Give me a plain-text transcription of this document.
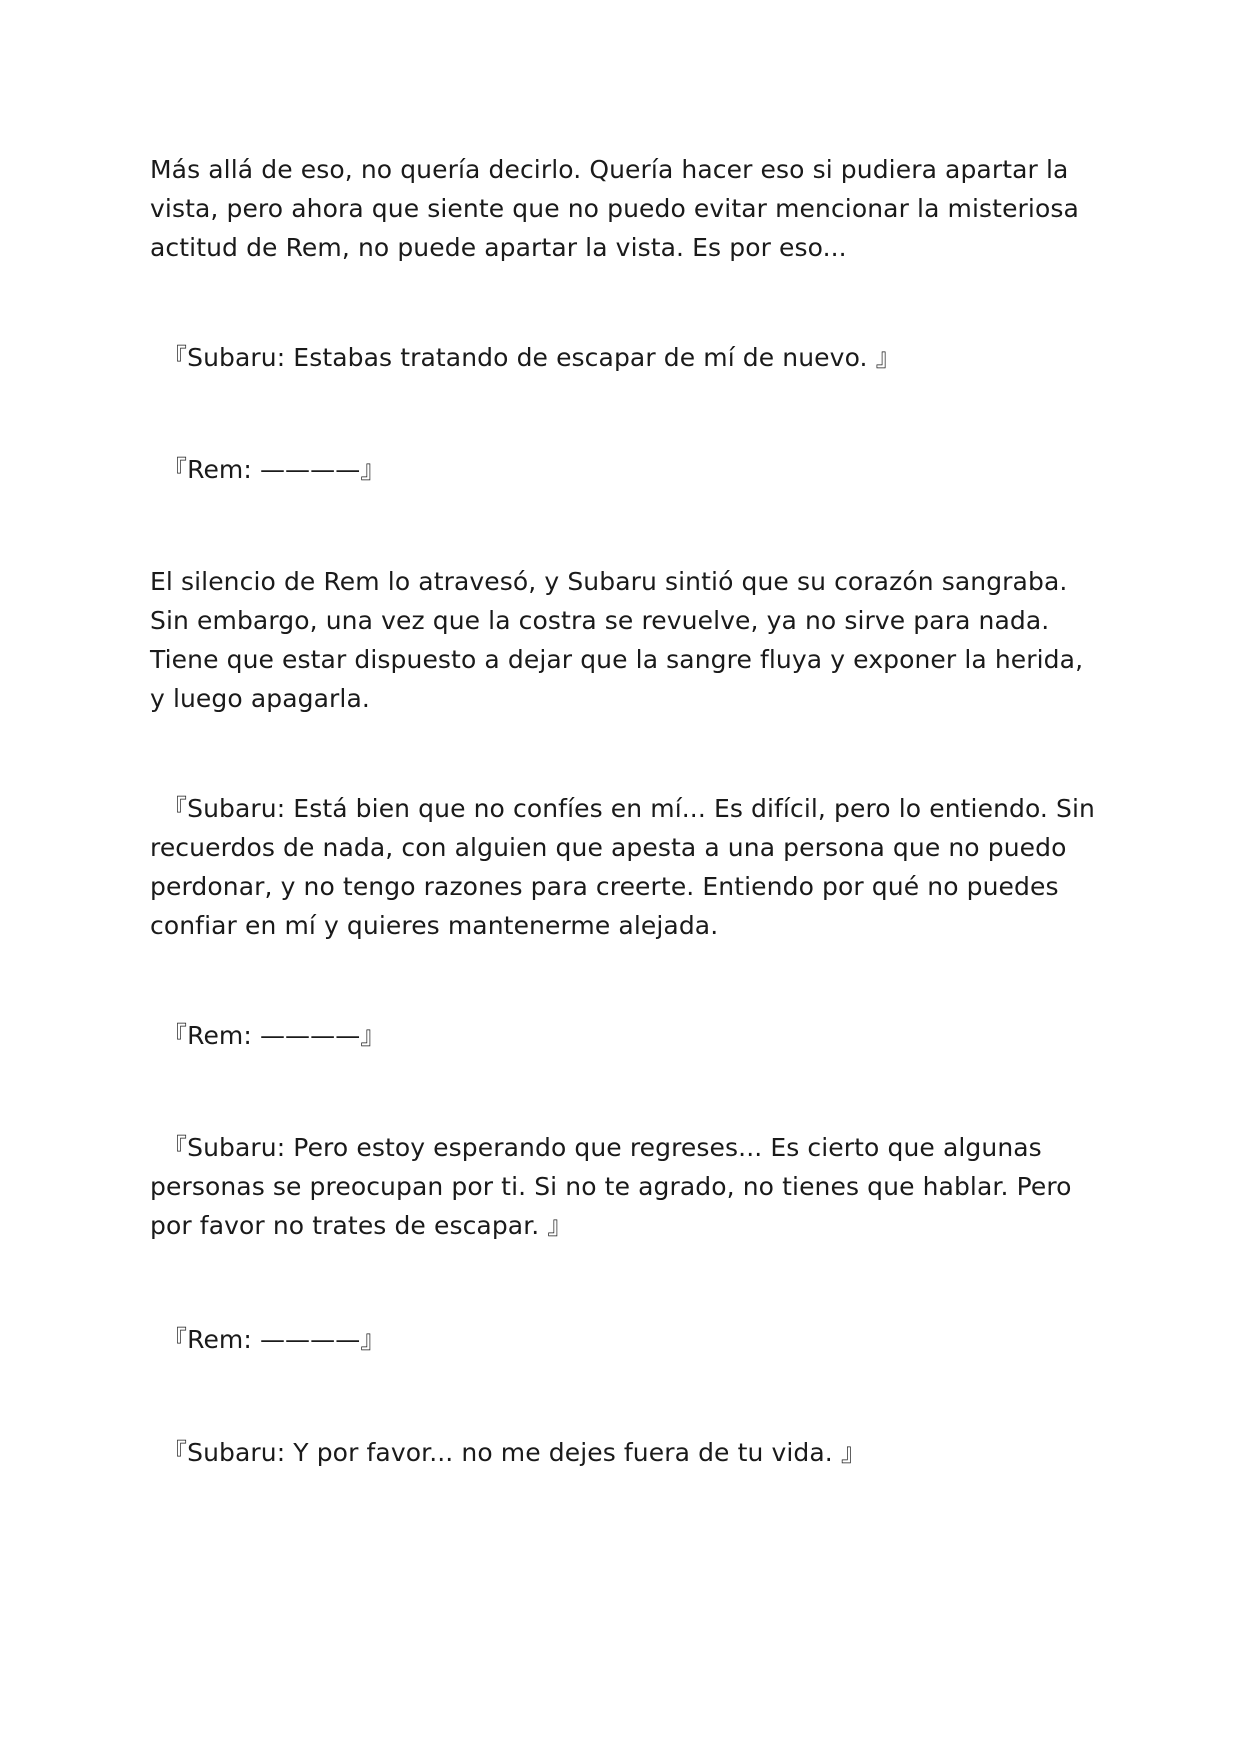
Más allá de eso, no quería decirlo. Quería hacer eso si pudiera apartar la vista, pero ahora que siente que no puedo evitar mencionar la misteriosa actitud de Rem, no puede apartar la vista. Es por eso...

『Subaru: Estabas tratando de escapar de mí de nuevo. 』

『Rem: ————』

El silencio de Rem lo atravesó, y Subaru sintió que su corazón sangraba. Sin embargo, una vez que la costra se revuelve, ya no sirve para nada. Tiene que estar dispuesto a dejar que la sangre fluya y exponer la herida, y luego apagarla.

『Subaru: Está bien que no confíes en mí... Es difícil, pero lo entiendo. Sin recuerdos de nada, con alguien que apesta a una persona que no puedo perdonar, y no tengo razones para creerte. Entiendo por qué no puedes confiar en mí y quieres mantenerme alejada.

『Rem: ————』

『Subaru: Pero estoy esperando que regreses... Es cierto que algunas personas se preocupan por ti. Si no te agrado, no tienes que hablar. Pero por favor no trates de escapar. 』

『Rem: ————』

『Subaru: Y por favor... no me dejes fuera de tu vida. 』
